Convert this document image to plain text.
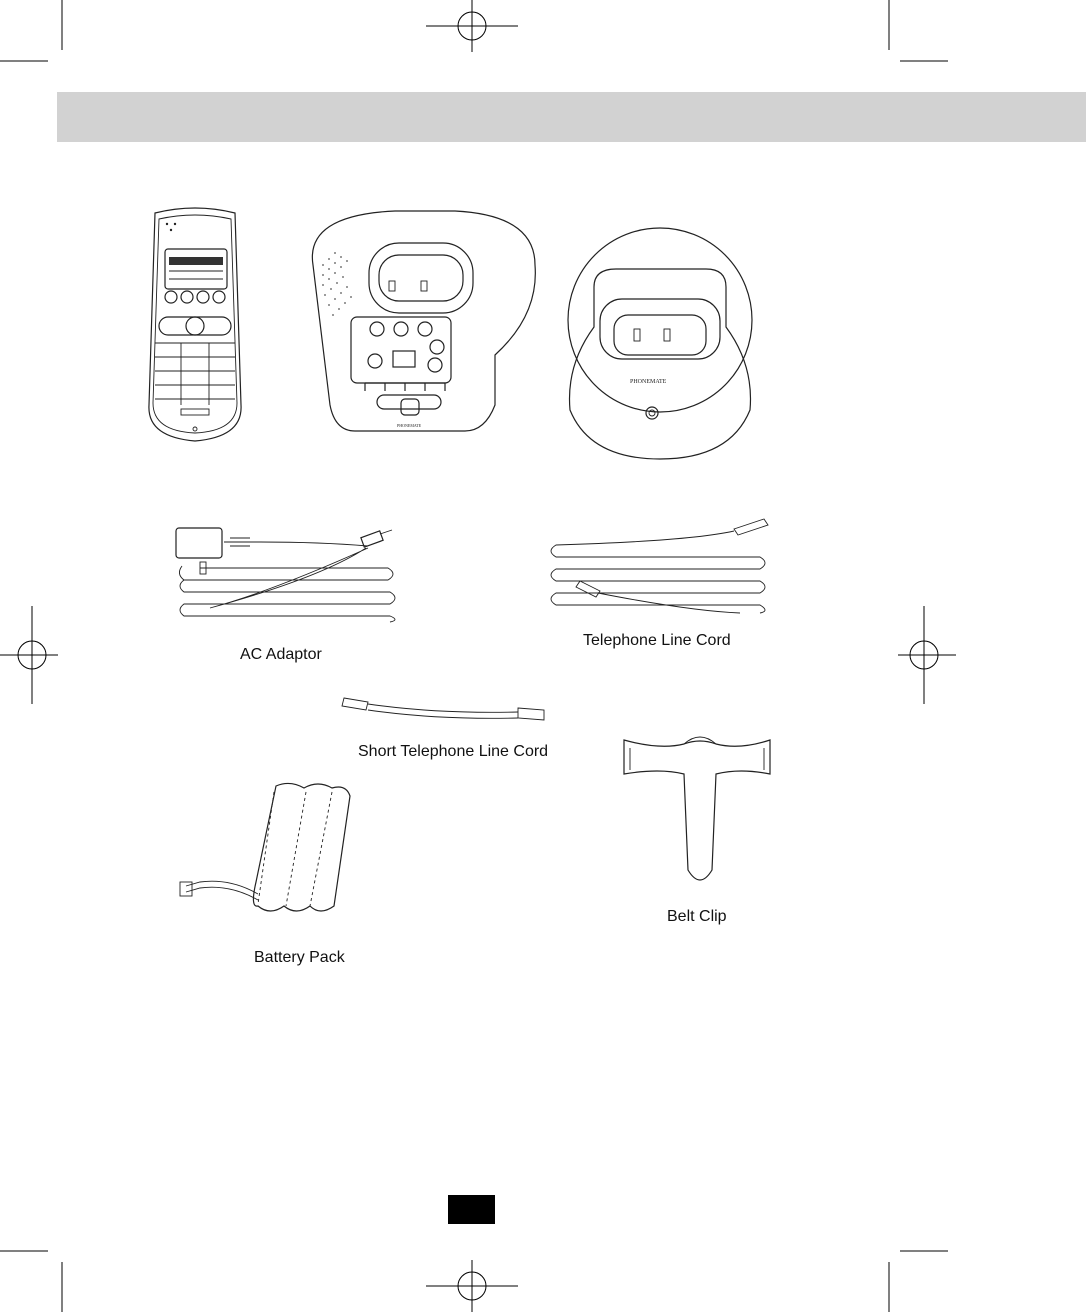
PHONEMATE
PHONEMATE
AC Adaptor
Telephone Line Cord
Short Telephone Line Cord
Battery Pack
Belt Clip
